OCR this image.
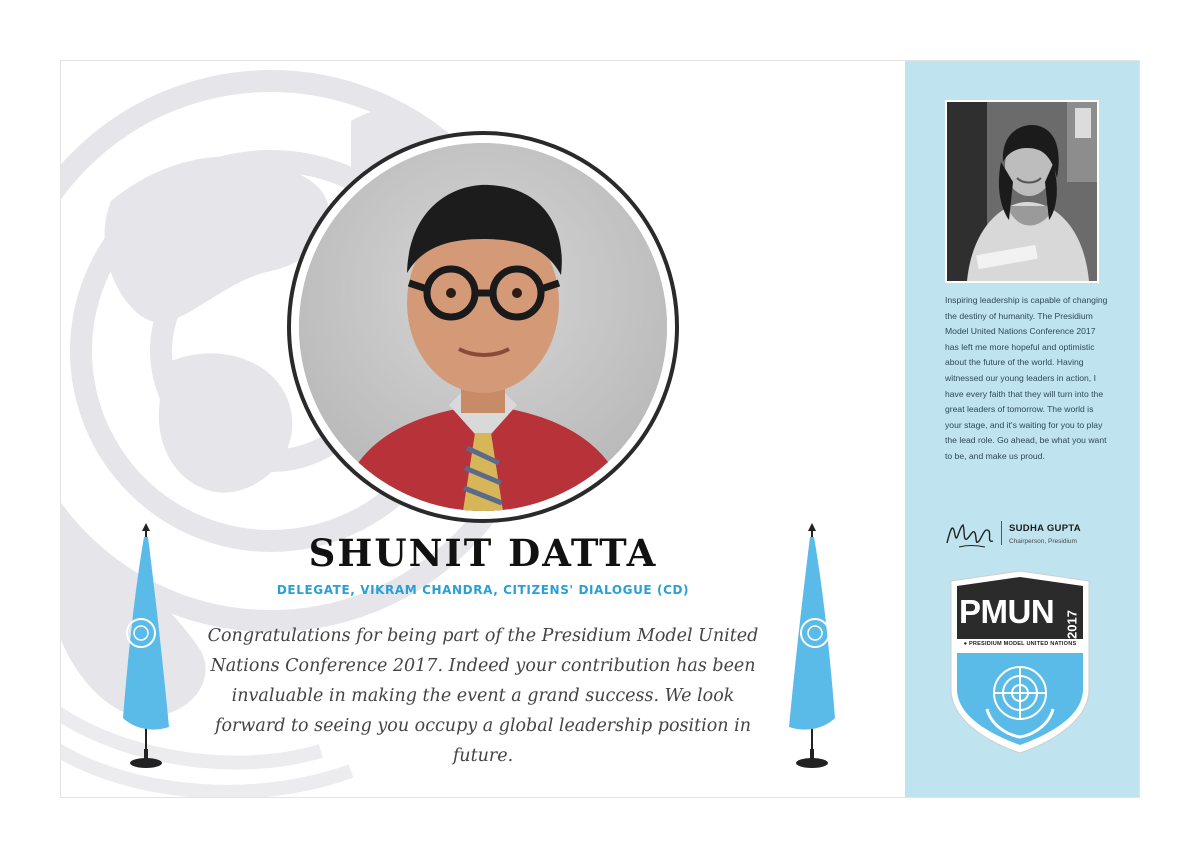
SHUNIT DATTA

DELEGATE, VIKRAM CHANDRA, CITIZENS' DIALOGUE (CD)

Congratulations for being part of the Presidium Model United Nations Conference 2017. Indeed your contribution has been invaluable in making the event a grand success. We look forward to seeing you occupy a global leadership position in future.

Inspiring leadership is capable of changing the destiny of humanity. The Presidium Model United Nations Conference 2017 has left me more hopeful and optimistic about the future of the world. Having witnessed our young leaders in action, I have every faith that they will turn into the great leaders of tomorrow. The world is your stage, and it's waiting for you to play the lead role. Go ahead, be what you want to be, and make us proud.

SUDHA GUPTA
Chairperson, Presidium
PMUN 2017
● PRESIDIUM MODEL UNITED NATIONS
